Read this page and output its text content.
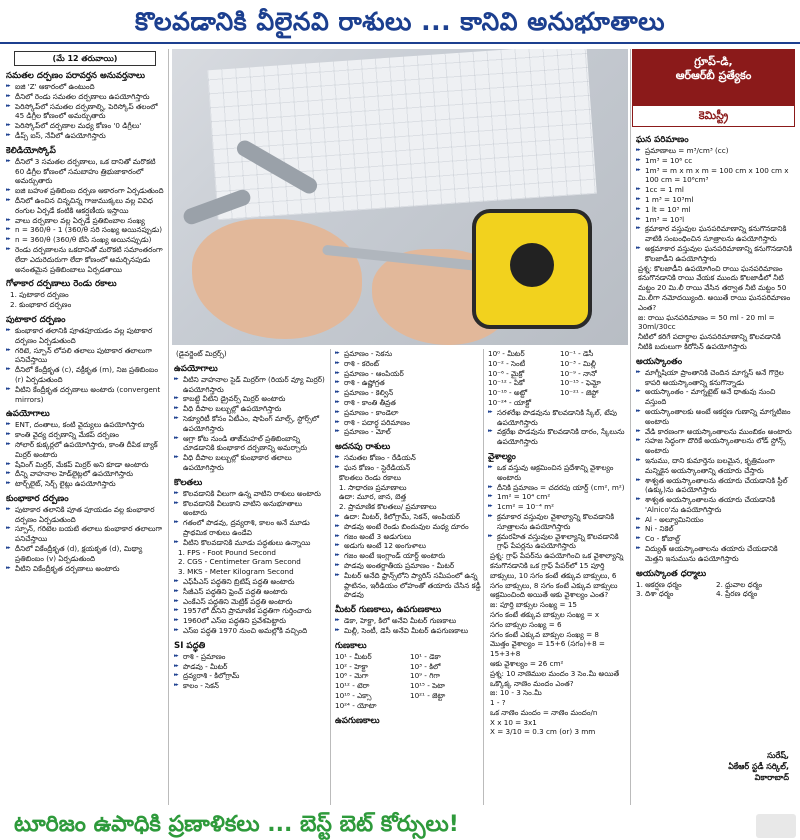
కొలవడానికి వీలైనవి రాశులు ... కానివి అనుభూతాలు
(మే 12 తరువాయి)
సమతల దర్పణం పరావర్తన అనువర్తనాలు
▸▸ ఐజి 'Z' ఆకారంలో ఉంటుంది
▸▸ దీనిలో రెండు సమతల దర్పణాలు ఉపయోగిస్తారు
▸▸ పెరిస్కోప్‌లో సమతల దర్పణాల్ని, పెరిస్కోప్‌ తలంలో 45 డిగ్రీల కోణంలో అమర్చుతారు
▸▸ పెరిస్కోప్‌లో దర్పణాల మధ్య కోణం '0 డిగ్రీలు'
▸▸ డీప్స్‌ ఐస్‌, నేవీలో ఉపయోగిస్తారు
కెలిడియోస్కోప్
▸▸ దీనిలో 3 సమతల దర్పణాలు, ఒక దానితో మరొకటి 60 డిగ్రీల కోణంలో సమబాహు త్రిభుజాకారంలో అమర్చుతారు
▸▸ ఐజి బహుళ ప్రతిబింబ దర్పణ ఆకారంగా ఏర్పడుతుంది
▸▸ దీనిలో ఉంచిన చిన్నచిన్న గాజుముక్కలు వల్ల వివిధ రంగుల ఏర్పడే కంటికి ఆకర్షణీయ ఇస్తాయి
▸▸ వాలు దర్పణాల వల్ల ఏర్పడే ప్రతిబింబాల సంఖ్య
▸▸ n = 360/θ - 1 (360/θ సరి సంఖ్య అయినప్పుడు)
▸▸ n = 360/θ (360/θ బేసి సంఖ్య అయినప్పుడు)
▸▸ రెండు దర్పణాలను ఒకదానితో మరొకటి సమాంతరంగా లేదా ఎదురెదురుగా లేదా కోణంలో అమర్చినపుడు అనంతమైన ప్రతిబింబాలు ఏర్పడతాయి
గోళాకార దర్పణాలు రెండు రకాలు
1. పుటాకార దర్పణం
2. కుంభాకార దర్పణం
పుటాకార దర్పణం
▸▸ కుంభాకార తలానికి పూతపూయడం వల్ల పుటాకార దర్పణం ఏర్పడుతుంది
▸▸ గరిటె, స్పూన్‌ లోపలి తలాలు పుటాకార తలాలుగా పనిచేస్తాయి
▸▸ దీనిలో కేంద్రీకృత (c), వక్రీకృత (m), నిజ ప్రతిబింబం (r) ఏర్పడుతుంది
▸▸ వీటిని కేంద్రీకృత దర్పణాలు అంటారు (convergent mirrors)
ఉపయోగాలు
▸▸ ENT, దంతాలు, కంటి వైద్యులు ఉపయోగిస్తారు
▸▸ కాంతి వైద్య దర్పణాన్ని మేకప్‌ దర్పణం
▸▸ సోలార్‌ కుక్కర్లలో ఉపయోగిస్తారు, కాంతి దీపిక బ్యాక్‌ మిర్రర్‌ అంటారు
▸▸ షేవింగ్‌ మిర్రర్‌, మేకప్‌ మిర్రర్‌ అని కూడా అంటారు
▸▸ దీన్ని వాహనాల హెడ్‌లైట్లలో ఉపయోగిస్తారు
▸▸ టార్చ్‌లైట్‌, సెర్చ్‌ లైట్లు ఉపయోగిస్తారు
కుంభాకార దర్పణం
▸▸ పుటాకార తలానికి పూత పూయడం వల్ల కుంభాకార దర్పణం ఏర్పడుతుంది
▸▸ స్పూన్‌, గరిటెల బయటి తలాలు కుంభాకార తలాలుగా పనిచేస్తాయి
▸▸ దీనిలో వికేంద్రీకృత (d), క్షయకృత (d), మిథ్యా ప్రతిబింబం (v) ఏర్పడుతుంది
▸▸ వీటిని వికేంద్రీకృత దర్పణాలు అంటారు
గ్రూప్‌-డి,
ఆర్‌ఆర్‌బీ ప్రత్యేకం
కెమిస్ట్రీ
(డైవర్జెంట్‌ మిర్రర్స్‌)
ఉపయోగాలు
▸▸ వీటిని వాహనాల సైడ్‌ మిర్రర్‌గా (రియర్‌ వ్యూ మిర్రర్‌) ఉపయోగిస్తారు
▸▸ కాబట్టి వీటిని డ్రైవర్స్‌ మిర్రర్‌ అంటారు
▸▸ వీధి దీపాల బల్బుల్లో ఉపయోగిస్తారు
▸▸ సెక్యూరిటీ కోసం ఏటీఎం, షాపింగ్‌ మాల్స్‌, స్టోర్స్‌లో ఉపయోగిస్తారు
▸▸ ఆగ్రా కోట నుండి తాజ్‌మహల్‌ ప్రతిబింబాన్ని చూడడానికి కుంభాకార దర్పణాన్ని అమర్చారు
▸▸ వీధి దీపాల బల్బుల్లో కుంభాకార తలాలు ఉపయోగిస్తారు
కొలతలు
▸▸ కొలవడానికి వీలుగా ఉన్న వాటిని రాశులు అంటారు
▸▸ కొలవడానికి వీలుకాని వాటిని అనుభూతాలు అంటారు
▸▸ గతంలో పొడవు, ద్రవ్యరాశి, కాలం అనే మూడు ప్రాథమిక రాశులు ఉండేవి
▸▸ వీటిని కొలవడానికి మూడు పద్ధతులు ఉన్నాయి
1. FPS - Foot Pound Second
2. CGS - Centimeter Gram Second
3. MKS - Meter Kilogram Second
▸▸ ఎఫ్‌పీఎస్‌ పద్ధతిని బ్రిటిష్‌ పద్ధతి అంటారు
▸▸ సీజీఎస్‌ పద్ధతిని ఫ్రెంచ్‌ పద్ధతి అంటారు
▸▸ ఎంకేఎస్‌ పద్ధతిని మెట్రిక్‌ పద్ధతి అంటారు
▸▸ 1957లో దీనిని ప్రామాణిక పద్ధతిగా గుర్తించారు
▸▸ 1960లో ఎస్‌ఐ పద్ధతిని ప్రవేశపెట్టారు
▸▸ ఎస్‌ఐ పద్ధతి 1970 నుంచి అమల్లోకి వచ్చింది
SI పద్ధతి
▸▸ రాశి - ప్రమాణం
▸▸ పొడవు - మీటర్‌
▸▸ ద్రవ్యరాశి - కిలోగ్రామ్‌
▸▸ కాలం - సెకన్‌
▸▸ ప్రమాణం - సెకను
▸▸ రాశి - కరెంట్‌
▸▸ ప్రమాణం - ఆంపియర్‌
▸▸ రాశి - ఉష్ణోగ్రత
▸▸ ప్రమాణం - కెల్విన్‌
▸▸ రాశి - కాంతి తీవ్రత
▸▸ ప్రమాణం - కాండెలా
▸▸ రాశి - పదార్థ పరిమాణం
▸▸ ప్రమాణం - మోల్‌
అదనపు రాశులు
▸▸ సమతల కోణం - రేడియన్‌
▸▸ ఘన కోణం - స్టెరేడియన్‌
కొలతలు రెండు రకాలు
1. సాధారణ ప్రమాణాలు
ఉదా: మూర, జాన, బెత్త
2. ప్రామాణిక కొలతలు/ ప్రమాణాలు
▸▸ ఉదా: మీటర్‌, కిలోగ్రామ్‌, సెకన్‌, ఆంపియర్‌
▸▸ పొడవు అంటే రెండు బిందువుల మధ్య దూరం
▸▸ గజం అంటే 3 అడుగులు
▸▸ అడుగు అంటే 12 అంగుళాలు
▸▸ గజం అంటే ఇంగ్లాండ్‌ యార్డ్‌ అంటారు
▸▸ పొడవు అంతర్జాతీయ ప్రమాణం - మీటర్‌
▸▸ మీటర్‌ అనేది ఫ్రాన్స్‌లోని ప్యారిస్‌ సమీపంలో ఉన్న ప్లాటినం, ఇరీడియం లోహంతో తయారు చేసిన కడ్డీ పొడవు
మీటర్‌ గుణకాలు, ఉపగుణకాలు
▸▸ డెకా, హెక్టా, కిలో అనేవి మీటర్‌ గుణకాలు
▸▸ మిల్లీ, సెంటీ, డెసీ అనేవి మీటర్‌ ఉపగుణకాలు
గుణకాలు
10¹ - మీటర్‌	10¹ - డెకా
10² - హెక్టా	10³ - కిలో
10⁶ - మెగా	10⁹ - గిగా
10¹² - టెరా	10¹⁵ - పెటా
10¹⁸ - ఎక్సా	10²¹ - జెట్టా
10²⁴ - యోటా
ఉపగుణకాలు
10⁰ - మీటర్‌	10⁻¹ - డెసీ
10⁻² - సెంటీ	10⁻³ - మిల్లీ
10⁻⁶ - మైక్రో	10⁻⁹ - నానో
10⁻¹² - పికో	10⁻¹⁵ - ఫెమ్టో
10⁻¹⁸ - అట్టో	10⁻²¹ - జెప్టో
10⁻²⁴ - యాక్టో
▸▸ సరళరేఖ పొడవును కొలవడానికి స్కేల్‌, టేపు ఉపయోగిస్తారు
▸▸ వక్రరేఖ పొడవును కొలవడానికి దారం, స్కేలును ఉపయోగిస్తారు
వైశాల్యం
▸▸ ఒక వస్తువు ఆక్రమించిన ప్రదేశాన్ని వైశాల్యం అంటారు
▸▸ దీనికి ప్రమాణం = చదరపు యార్డ్‌ (cm², m²)
▸▸ 1m² = 10⁴ cm²
▸▸ 1cm² = 10⁻⁴ m²
▸▸ క్రమాకార వస్తువుల వైశాల్యాన్ని కొలవడానికి సూత్రాలను ఉపయోగిస్తారు
▸▸ క్రమరహిత వస్తువుల వైశాల్యాన్ని కొలవడానికి గ్రాఫ్‌ పేపర్లను ఉపయోగిస్తారు
ప్రశ్న: గ్రాఫ్‌ పేపర్‌ను ఉపయోగించి ఒక వైశాల్యాన్ని కనుగొనడానికి ఒక గ్రాఫ్‌ పేపర్‌లో 15 పూర్తి బాక్సులు, 10 సగం కంటే తక్కువ బాక్సులు, 6 సగం బాక్సులు, 8 సగం కంటే ఎక్కువ బాక్సులు ఆక్రమించింది అయితే ఆకు వైశాల్యం ఎంత?
జ: పూర్తి బాక్సుల సంఖ్య = 15
సగం కంటే తక్కువ బాక్సుల సంఖ్య = x
సగం బాక్సుల సంఖ్య = 6
సగం కంటే ఎక్కువ బాక్సుల సంఖ్య = 8
మొత్తం వైశాల్యం = 15+6 (సగం)+8 = 15+3+8
ఆకు వైశాల్యం = 26 cm²
ప్రశ్న: 10 నాణెముల మందం 3 సెం.మీ అయితే ఒక్కొక్క నాణెం మందం ఎంత?
జ: 10 - 3 సెం.మీ
1 - ?
ఒక నాణెం మందం = నాణెం మందం/n
X x 10 = 3x1
X = 3/10 = 0.3 cm (or) 3 mm
ఘన పరిమాణం
▸▸ ప్రమాణాలు = m³/cm³ (cc)
▸▸ 1m³ = 10⁶ cc
▸▸ 1m³ = m x m x m = 100 cm x 100 cm x 100 cm = 10⁶cm³
▸▸ 1cc = 1 ml
▸▸ 1 m³ = 10³ml
▸▸ 1 lt = 10³ ml
▸▸ 1m³ = 10³l
▸▸ క్రమాకార వస్తువుల ఘనపరిమాణాన్ని కనుగొనడానికి వాటికి సంబంధించిన సూత్రాలను ఉపయోగిస్తారు
▸▸ అక్రమాకార వస్తువుల ఘనపరిమాణాన్ని కనుగొనడానికి కొలజాడీని ఉపయోగిస్తారు
ప్రశ్న: కొలజాడీని ఉపయోగించి రాయి ఘనపరిమాణం కనుగొనడానికి రాయి వేయక ముందు కొలజాడీలో నీటి మట్టం 20 మి.లీ రాయి వేసిన తర్వాత నీటి మట్టం 50 మి.లీగా నమోదయ్యింది. అయితే రాయి ఘనపరిమాణం ఎంత?
జ: రాయి ఘనపరిమాణం = 50 ml - 20 ml = 30ml/30cc
నీటిలో కరిగే పదార్థాల ఘనపరిమాణాన్ని కొలవడానికి నీటికి బదులుగా కిరోసిన్‌ ఉపయోగిస్తారు
అయస్కాంతం
▸▸ మాగ్నీషియా ప్రాంతానికి చెందిన మాగ్నస్‌ అనే గొర్రెల కాపరి అయస్కాంతాన్ని కనుగొన్నాడు
▸▸ అయస్కాంతం - మాగ్నటైట్‌ అనే ధాతువు నుంచి వస్తుంది
▸▸ అయస్కాంతాలకు అంటే ఆకర్షణ గుణాన్ని మాగ్నటిజం అంటారు
▸▸ వేడి కారణంగా అయస్కాంతాలను ముంబికం అంటారు
▸▸ సహజ సిద్ధంగా దొరికే అయస్కాంతాలను లోడ్‌ స్టోన్స్‌ అంటారు
▸▸ ఇనుము, దాని కుమార్తెను బలమైన, కృత్రిమంగా మన్నికైన అయస్కాంతాన్ని తయారు చేస్తారు
▸▸ శాశ్వత అయస్కాంతాలను తయారు చేయడానికి స్టీల్‌ (ఉక్కు)ను ఉపయోగిస్తారు
▸▸ శాశ్వత అయస్కాంతాలను తయారు చేయడానికి 'Alnico'ను ఉపయోగిస్తారు
▸▸ Al - అల్యూమినియం
▸▸ Ni - నికెల్‌
▸▸ Co - కోబాల్ట్‌
▸▸ విద్యుత్‌ అయస్కాంతాలను తయారు చేయడానికి మెత్తని ఇనుమును ఉపయోగిస్తారు
అయస్కాంత ధర్మాలు
1. ఆకర్షణ ధర్మం	2. ధ్రువాల ధర్మం
3. దిశా ధర్మం	4. ప్రేరణ ధర్మం
సురేష్‌,
ఏకేఆర్‌ స్టడీ సర్కిల్‌,
వికారాబాద్‌
టూరిజం ఉపాధికి ప్రణాళికలు ... బెస్ట్‌ బెట్‌ కోర్సులు!
